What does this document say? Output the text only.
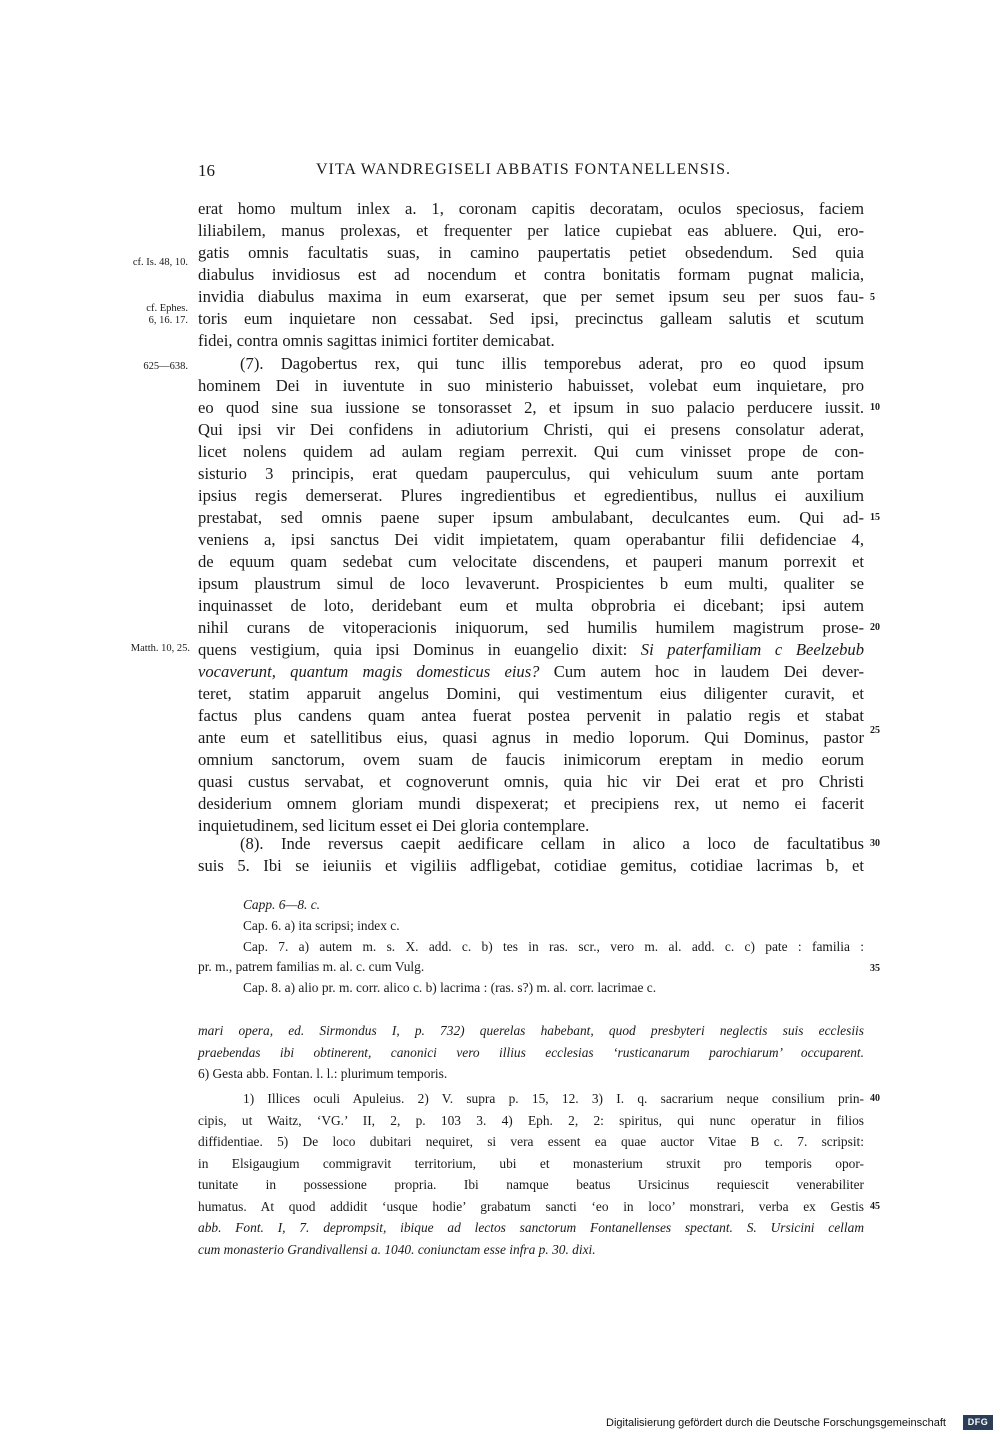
16	VITA WANDREGISELI ABBATIS FONTANELLENSIS.
cf. Is. 48, 10.
cf. Ephes.
6, 16. 17.
625—638.
Matth. 10, 25.
5
10
15
20
25
30
35
40
45
erat homo multum inlex a. 1, coronam capitis decoratam, oculos speciosus, faciem
liliabilem, manus prolexas, et frequenter per latice cupiebat eas abluere. Qui, ero-
gatis omnis facultatis suas, in camino paupertatis petiet obsedendum. Sed quia
diabulus invidiosus est ad nocendum et contra bonitatis formam pugnat malicia,
invidia diabulus maxima in eum exarserat, que per semet ipsum seu per suos fau-
toris eum inquietare non cessabat. Sed ipsi, precinctus galleam salutis et scutum
fidei, contra omnis sagittas inimici fortiter demicabat.
(7). Dagobertus rex, qui tunc illis temporebus aderat, pro eo quod ipsum
hominem Dei in iuventute in suo ministerio habuisset, volebat eum inquietare, pro
eo quod sine sua iussione se tonsorasset 2, et ipsum in suo palacio perducere iussit.
Qui ipsi vir Dei confidens in adiutorium Christi, qui ei presens consolatur aderat,
licet nolens quidem ad aulam regiam perrexit. Qui cum vinisset prope de con-
sisturio 3 principis, erat quedam pauperculus, qui vehiculum suum ante portam
ipsius regis demerserat. Plures ingredientibus et egredientibus, nullus ei auxilium
prestabat, sed omnis paene super ipsum ambulabant, deculcantes eum. Qui ad-
veniens a, ipsi sanctus Dei vidit impietatem, quam operabantur filii defidenciae 4,
de equum quam sedebat cum velocitate discendens, et pauperi manum porrexit et
ipsum plaustrum simul de loco levaverunt. Prospicientes b eum multi, qualiter se
inquinasset de loto, deridebant eum et multa obprobria ei dicebant; ipsi autem
nihil curans de vitoperacionis iniquorum, sed humilis humilem magistrum prose-
quens vestigium, quia ipsi Dominus in euangelio dixit: Si paterfamiliam c Beelzebub
vocaverunt, quantum magis domesticus eius? Cum autem hoc in laudem Dei dever-
teret, statim apparuit angelus Domini, qui vestimentum eius diligenter curavit, et
factus plus candens quam antea fuerat postea pervenit in palatio regis et stabat
ante eum et satellitibus eius, quasi agnus in medio loporum. Qui Dominus, pastor
omnium sanctorum, ovem suam de faucis inimicorum ereptam in medio eorum
quasi custus servabat, et cognoverunt omnis, quia hic vir Dei erat et pro Christi
desiderium omnem gloriam mundi dispexerat; et precipiens rex, ut nemo ei facerit
inquietudinem, sed licitum esset ei Dei gloria contemplare.
(8). Inde reversus caepit aedificare cellam in alico a loco de facultatibus
suis 5. Ibi se ieiuniis et vigiliis adfligebat, cotidiae gemitus, cotidiae lacrimas b, et
Capp. 6—8. c.
Cap. 6. a) ita scripsi; index c.
Cap. 7. a) autem m. s. X. add. c. b) tes in ras. scr., vero m. al. add. c. c) pate : familia :
pr. m., patrem familias m. al. c. cum Vulg.
Cap. 8. a) alio pr. m. corr. alico c. b) lacrima : (ras. s?) m. al. corr. lacrimae c.
mari opera, ed. Sirmondus I, p. 732) querelas habebant, quod presbyteri neglectis suis ecclesiis
praebendas ibi obtinerent, canonici vero illius ecclesias ‘rusticanarum parochiarum’ occuparent.
6) Gesta abb. Fontan. l. l.: plurimum temporis.
1) Illices oculi Apuleius. 2) V. supra p. 15, 12. 3) I. q. sacrarium neque consilium prin-
cipis, ut Waitz, ‘VG.’ II, 2, p. 103 3. 4) Eph. 2, 2: spiritus, qui nunc operatur in filios
diffidentiae. 5) De loco dubitari nequiret, si vera essent ea quae auctor Vitae B c. 7. scripsit:
in Elsigaugium commigravit territorium, ubi et monasterium struxit pro temporis opor-
tunitate in possessione propria. Ibi namque beatus Ursicinus requiescit venerabiliter
humatus. At quod addidit ‘usque hodie’ grabatum sancti ‘eo in loco’ monstrari, verba ex Gestis
abb. Font. I, 7. deprompsit, ibique ad lectos sanctorum Fontanellenses spectant. S. Ursicini cellam
cum monasterio Grandivallensi a. 1040. coniunctam esse infra p. 30. dixi.
Digitalisierung gefördert durch die Deutsche Forschungsgemeinschaft	DFG
